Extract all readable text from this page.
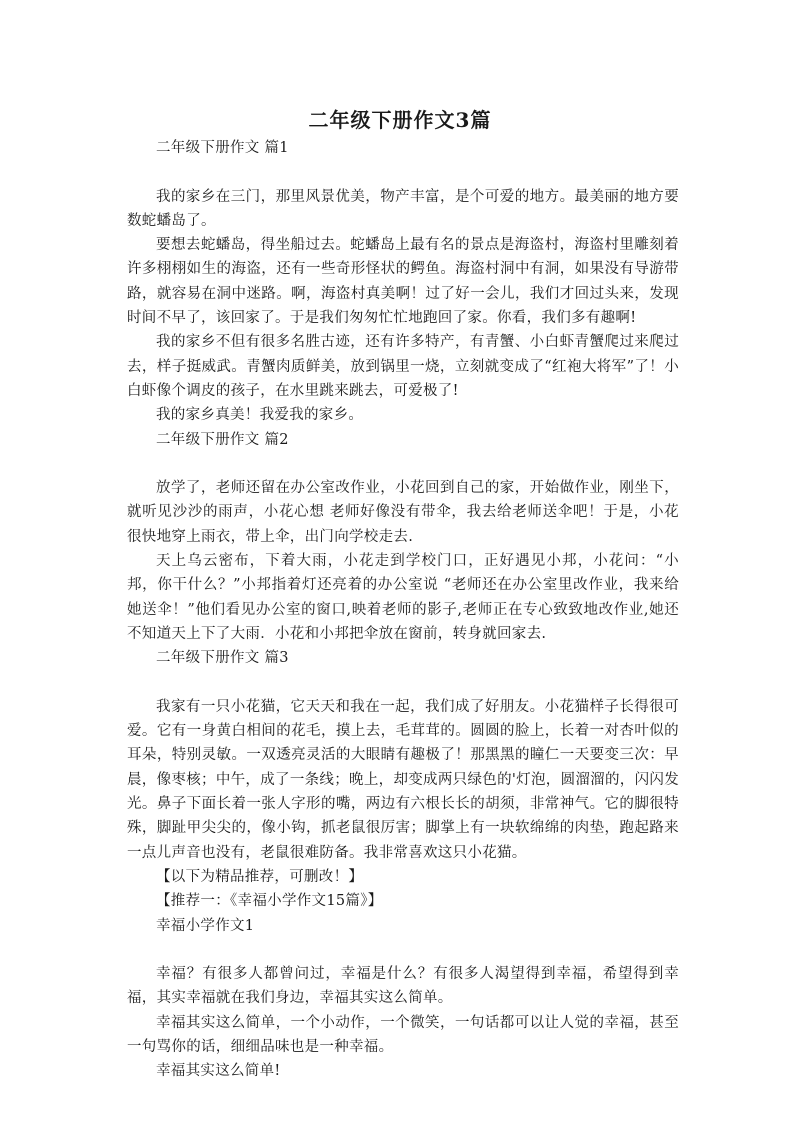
二年级下册作文3篇

二年级下册作文 篇1

我的家乡在三门，那里风景优美，物产丰富，是个可爱的地方。最美丽的地方要数蛇蟠岛了。

要想去蛇蟠岛，得坐船过去。蛇蟠岛上最有名的景点是海盗村，海盗村里雕刻着许多栩栩如生的海盗，还有一些奇形怪状的鳄鱼。海盗村洞中有洞，如果没有导游带路，就容易在洞中迷路。啊，海盗村真美啊！过了好一会儿，我们才回过头来，发现时间不早了，该回家了。于是我们匆匆忙忙地跑回了家。你看，我们多有趣啊!

我的家乡不但有很多名胜古迹，还有许多特产，有青蟹、小白虾青蟹爬过来爬过去，样子挺威武。青蟹肉质鲜美，放到锅里一烧，立刻就变成了“红袍大将军”了！小白虾像个调皮的孩子，在水里跳来跳去，可爱极了!

我的家乡真美！我爱我的家乡。

二年级下册作文 篇2

放学了，老师还留在办公室改作业，小花回到自己的家，开始做作业，刚坐下，就听见沙沙的雨声，小花心想 老师好像没有带伞，我去给老师送伞吧！于是，小花很快地穿上雨衣，带上伞，出门向学校走去.

天上乌云密布，下着大雨，小花走到学校门口，正好遇见小邦，小花问：“小邦，你干什么？”小邦指着灯还亮着的办公室说 “老师还在办公室里改作业，我来给她送伞！”他们看见办公室的窗口,映着老师的影子,老师正在专心致致地改作业,她还不知道天上下了大雨．小花和小邦把伞放在窗前，转身就回家去.

二年级下册作文 篇3

我家有一只小花猫，它天天和我在一起，我们成了好朋友。小花猫样子长得很可爱。它有一身黄白相间的花毛，摸上去，毛茸茸的。圆圆的脸上，长着一对杏叶似的耳朵，特别灵敏。一双透亮灵活的大眼睛有趣极了！那黑黑的瞳仁一天要变三次：早晨，像枣核；中午，成了一条线；晚上，却变成两只绿色的'灯泡，圆溜溜的，闪闪发光。鼻子下面长着一张人字形的嘴，两边有六根长长的胡须，非常神气。它的脚很特殊，脚趾甲尖尖的，像小钩，抓老鼠很厉害；脚掌上有一块软绵绵的肉垫，跑起路来一点儿声音也没有，老鼠很难防备。我非常喜欢这只小花猫。

【以下为精品推荐，可删改！】

【推荐一：《幸福小学作文15篇》】

幸福小学作文1

幸福？有很多人都曾问过，幸福是什么？有很多人渴望得到幸福，希望得到幸福，其实幸福就在我们身边，幸福其实这么简单。

幸福其实这么简单，一个小动作，一个微笑，一句话都可以让人觉的幸福，甚至一句骂你的话，细细品味也是一种幸福。

幸福其实这么简单!
